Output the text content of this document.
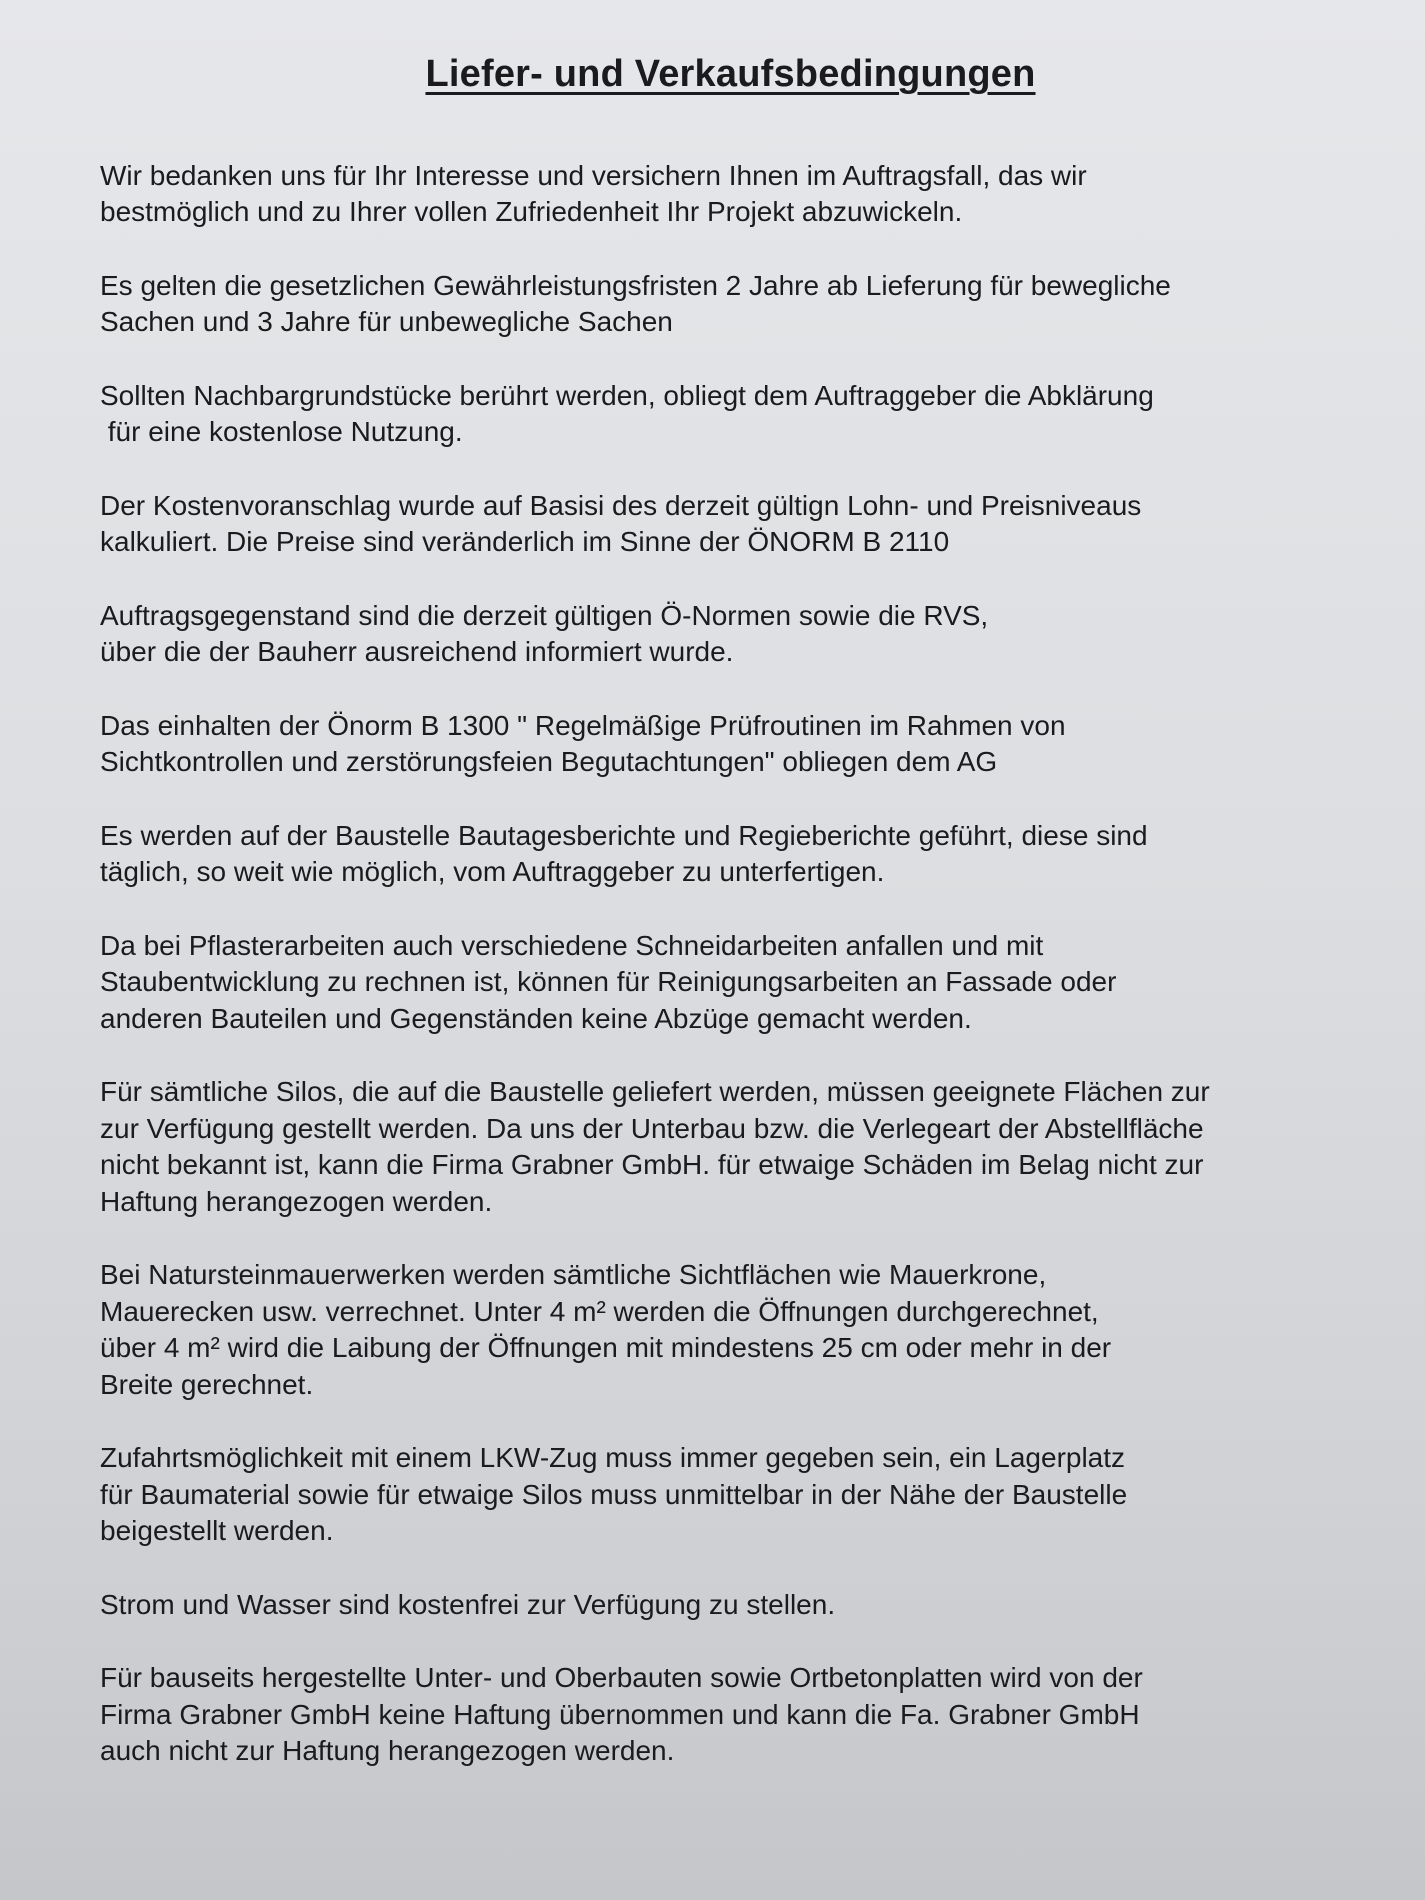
Liefer- und Verkaufsbedingungen

Wir bedanken uns für Ihr Interesse und versichern Ihnen im Auftragsfall, das wir
bestmöglich und zu Ihrer vollen Zufriedenheit Ihr Projekt abzuwickeln.

Es gelten die gesetzlichen Gewährleistungsfristen 2 Jahre ab Lieferung für bewegliche
Sachen und 3 Jahre für unbewegliche Sachen

Sollten Nachbargrundstücke berührt werden, obliegt dem Auftraggeber die Abklärung
für eine kostenlose Nutzung.

Der Kostenvoranschlag wurde auf Basisi des derzeit gültign Lohn- und Preisniveaus
kalkuliert. Die Preise sind veränderlich im Sinne der ÖNORM B 2110

Auftragsgegenstand sind die derzeit gültigen Ö-Normen sowie die RVS,
über die der Bauherr ausreichend informiert wurde.

Das einhalten der Önorm B 1300 " Regelmäßige Prüfroutinen im Rahmen von
Sichtkontrollen und zerstörungsfeien Begutachtungen" obliegen dem AG

Es werden auf der Baustelle Bautagesberichte und Regieberichte geführt, diese sind
täglich, so weit wie möglich, vom Auftraggeber zu unterfertigen.

Da bei Pflasterarbeiten auch verschiedene Schneidarbeiten anfallen und mit
Staubentwicklung zu rechnen ist, können für Reinigungsarbeiten an Fassade oder
anderen Bauteilen und Gegenständen keine Abzüge gemacht werden.

Für sämtliche Silos, die auf die Baustelle geliefert werden, müssen geeignete Flächen zur
zur Verfügung gestellt werden. Da uns der Unterbau bzw. die Verlegeart der Abstellfläche
nicht bekannt ist, kann die Firma Grabner GmbH. für etwaige Schäden im Belag nicht zur
Haftung herangezogen werden.

Bei Natursteinmauerwerken werden sämtliche Sichtflächen wie Mauerkrone,
Mauerecken usw. verrechnet. Unter 4 m² werden die Öffnungen durchgerechnet,
über 4 m² wird die Laibung der Öffnungen mit mindestens 25 cm oder mehr in der
Breite gerechnet.

Zufahrtsmöglichkeit mit einem LKW-Zug muss immer gegeben sein, ein Lagerplatz
für Baumaterial sowie für etwaige Silos muss unmittelbar in der Nähe der Baustelle
beigestellt werden.

Strom und Wasser sind kostenfrei zur Verfügung zu stellen.

Für bauseits hergestellte Unter- und Oberbauten sowie Ortbetonplatten wird von der
Firma Grabner GmbH keine Haftung übernommen und kann die Fa. Grabner GmbH
auch nicht zur Haftung herangezogen werden.
